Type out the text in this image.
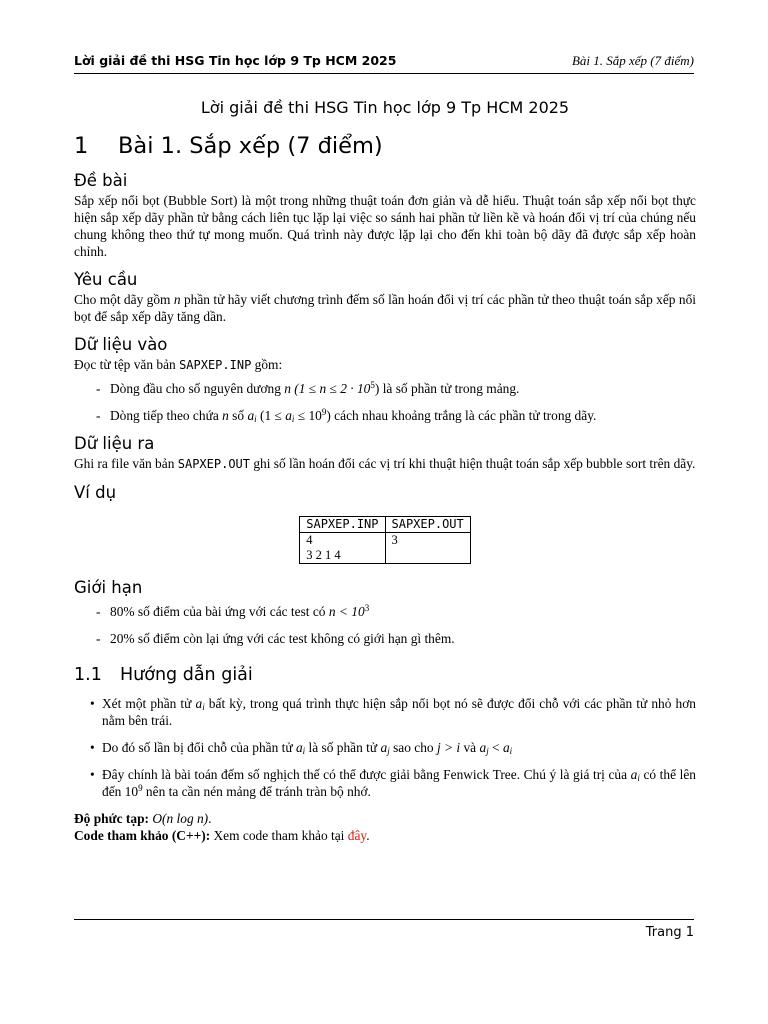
Lời giải đề thi HSG Tin học lớp 9 Tp HCM 2025	Bài 1. Sắp xếp (7 điểm)
Lời giải đề thi HSG Tin học lớp 9 Tp HCM 2025
1 Bài 1. Sắp xếp (7 điểm)
Đề bài

Sắp xếp nổi bọt (Bubble Sort) là một trong những thuật toán đơn giản và dễ hiểu. Thuật toán sắp xếp nổi bọt thực hiện sắp xếp dãy phần tử bằng cách liên tục lặp lại việc so sánh hai phần tử liền kề và hoán đổi vị trí của chúng nếu chung không theo thứ tự mong muốn. Quá trình này được lặp lại cho đến khi toàn bộ dãy đã được sắp xếp hoàn chỉnh.

Yêu cầu

Cho một dãy gồm n phần tử hãy viết chương trình đếm số lần hoán đổi vị trí các phần tử theo thuật toán sắp xếp nổi bọt để sắp xếp dãy tăng dần.

Dữ liệu vào

Đọc từ tệp văn bản SAPXEP.INP gồm:

- Dòng đầu cho số nguyên dương n $(1 \le n \le 2 \cdot 10^5)$ là số phần tử trong mảng.
- Dòng tiếp theo chứa n số $a_i$ $(1 \le a_i \le 10^9)$ cách nhau khoảng trắng là các phần tử trong dãy.
Dữ liệu ra

Ghi ra file văn bản SAPXEP.OUT ghi số lần hoán đổi các vị trí khi thuật hiện thuật toán sắp xếp bubble sort trên dãy.

Ví dụ
SAPXEP.INP	SAPXEP.OUT

4
3 2 1 4	3
Giới hạn
- 80% số điểm của bài ứng với các test có $n < 10^3$
- 20% số điểm còn lại ứng với các test không có giới hạn gì thêm.
1.1 Hướng dẫn giải
• Xét một phần tử $a_i$ bất kỳ, trong quá trình thực hiện sắp nổi bọt nó sẽ được đổi chỗ với các phần tử nhỏ hơn nằm bên trái.
• Do đó số lần bị đổi chỗ của phần tử $a_i$ là số phần tử $a_j$ sao cho j > i và $a_j < a_i$
• Đây chính là bài toán đếm số nghịch thế có thể được giải bằng Fenwick Tree. Chú ý là giá trị của $a_i$ có thể lên đến $10^9$ nên ta cần nén mảng để tránh tràn bộ nhớ.

Độ phức tạp: O(n log n).

Code tham khảo (C++): Xem code tham khảo tại đây.

Trang 1
